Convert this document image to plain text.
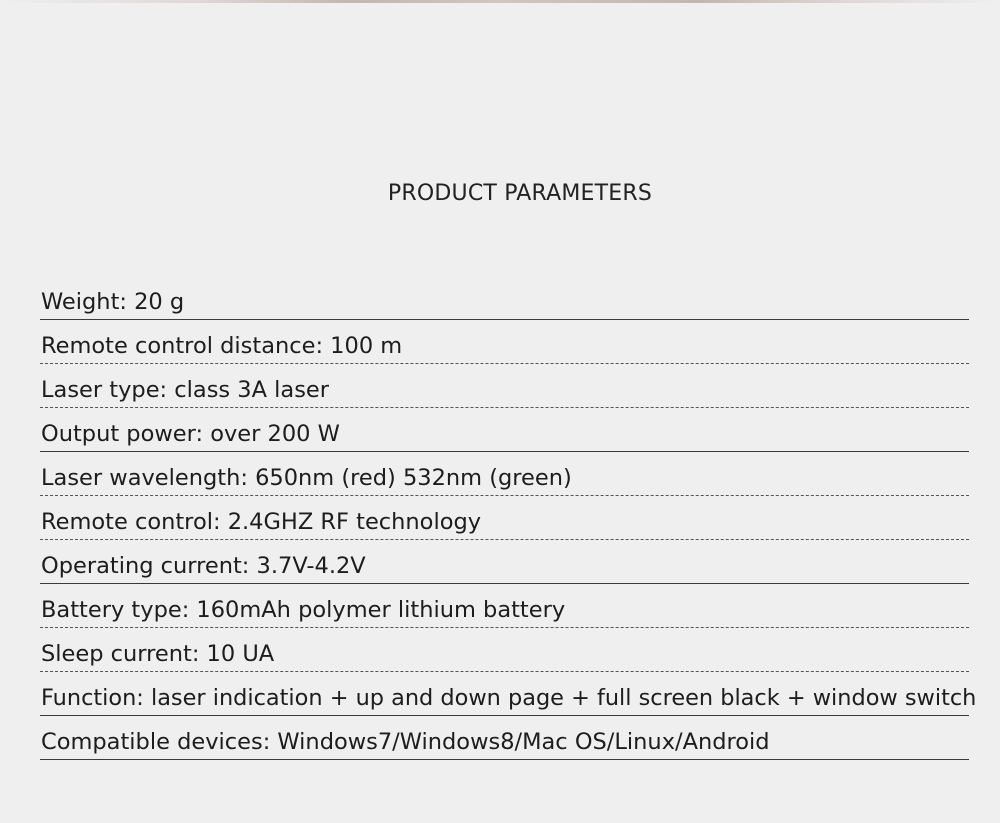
PRODUCT PARAMETERS
Weight: 20 g
Remote control distance: 100 m
Laser type: class 3A laser
Output power: over 200 W
Laser wavelength: 650nm (red) 532nm (green)
Remote control: 2.4GHZ RF technology
Operating current: 3.7V-4.2V
Battery type: 160mAh polymer lithium battery
Sleep current: 10 UA
Function: laser indication + up and down page + full screen black + window switch
Compatible devices: Windows7/Windows8/Mac OS/Linux/Android
